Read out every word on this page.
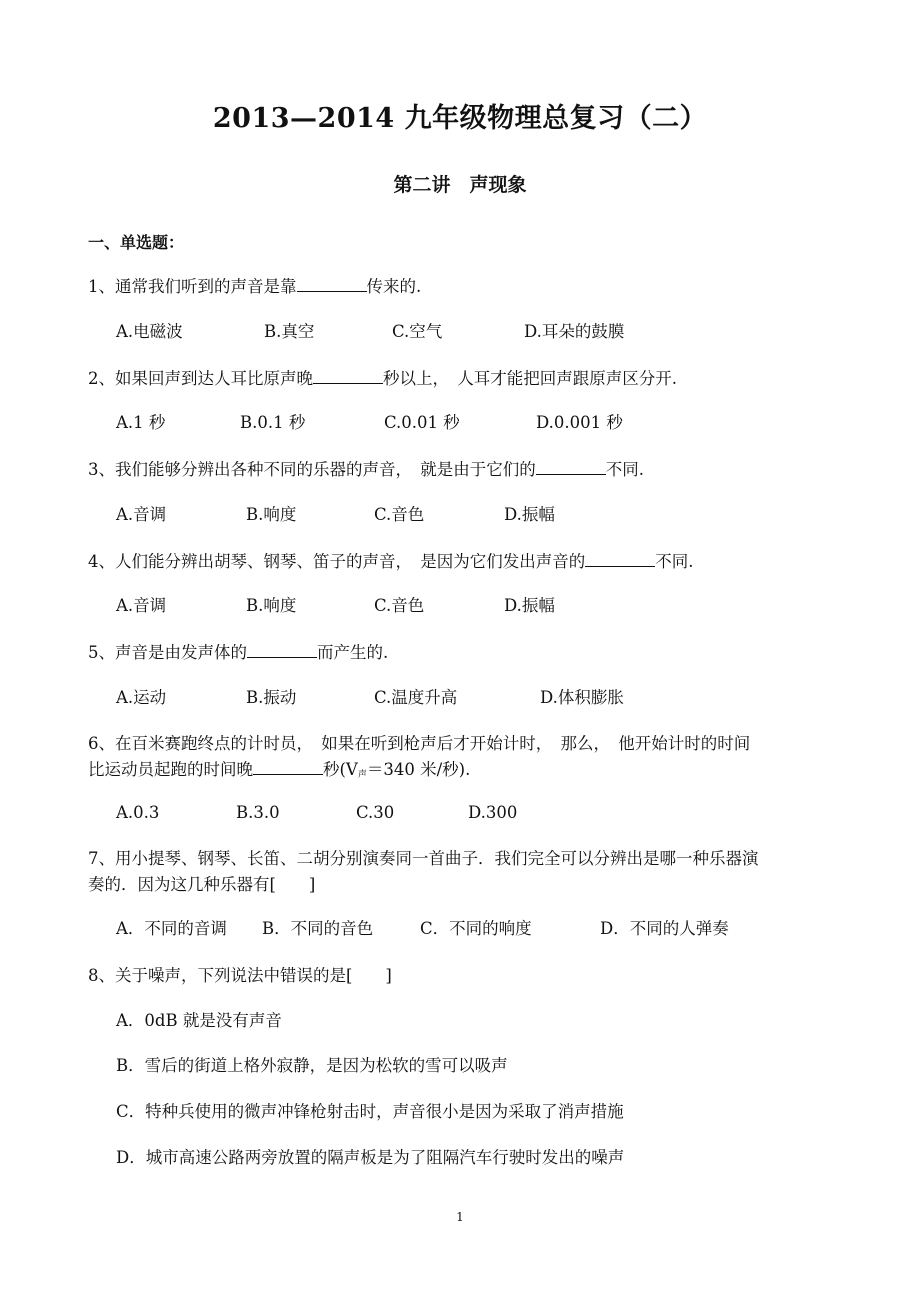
2013—2014 九年级物理总复习（二）
第二讲　声现象
一、单选题：
1、通常我们听到的声音是靠	传来的.
A.电磁波	B.真空	C.空气	D.耳朵的鼓膜
2、如果回声到达人耳比原声晚	秒以上，　人耳才能把回声跟原声区分开.
A.1 秒	B.0.1 秒	C.0.01 秒	D.0.001 秒
3、我们能够分辨出各种不同的乐器的声音，　就是由于它们的	不同.
A.音调	B.响度	C.音色	D.振幅
4、人们能分辨出胡琴、钢琴、笛子的声音，　是因为它们发出声音的	不同.
A.音调	B.响度	C.音色	D.振幅
5、声音是由发声体的	而产生的.
A.运动	B.振动	C.温度升高	D.体积膨胀
6、在百米赛跑终点的计时员，　如果在听到枪声后才开始计时，　那么，　他开始计时的时间
比运动员起跑的时间晚	秒($V_声=340$ 米/秒).
A.0.3	B.3.0	C.30	D.300
7、用小提琴、钢琴、长笛、二胡分别演奏同一首曲子．我们完全可以分辨出是哪一种乐器演
奏的．因为这几种乐器有[　　]
A．不同的音调 B．不同的音色	C．不同的响度	D．不同的人弹奏
8、关于噪声，下列说法中错误的是[　　]
A．0dB 就是没有声音
B．雪后的街道上格外寂静，是因为松软的雪可以吸声
C．特种兵使用的微声冲锋枪射击时，声音很小是因为采取了消声措施
D．城市高速公路两旁放置的隔声板是为了阻隔汽车行驶时发出的噪声
1
